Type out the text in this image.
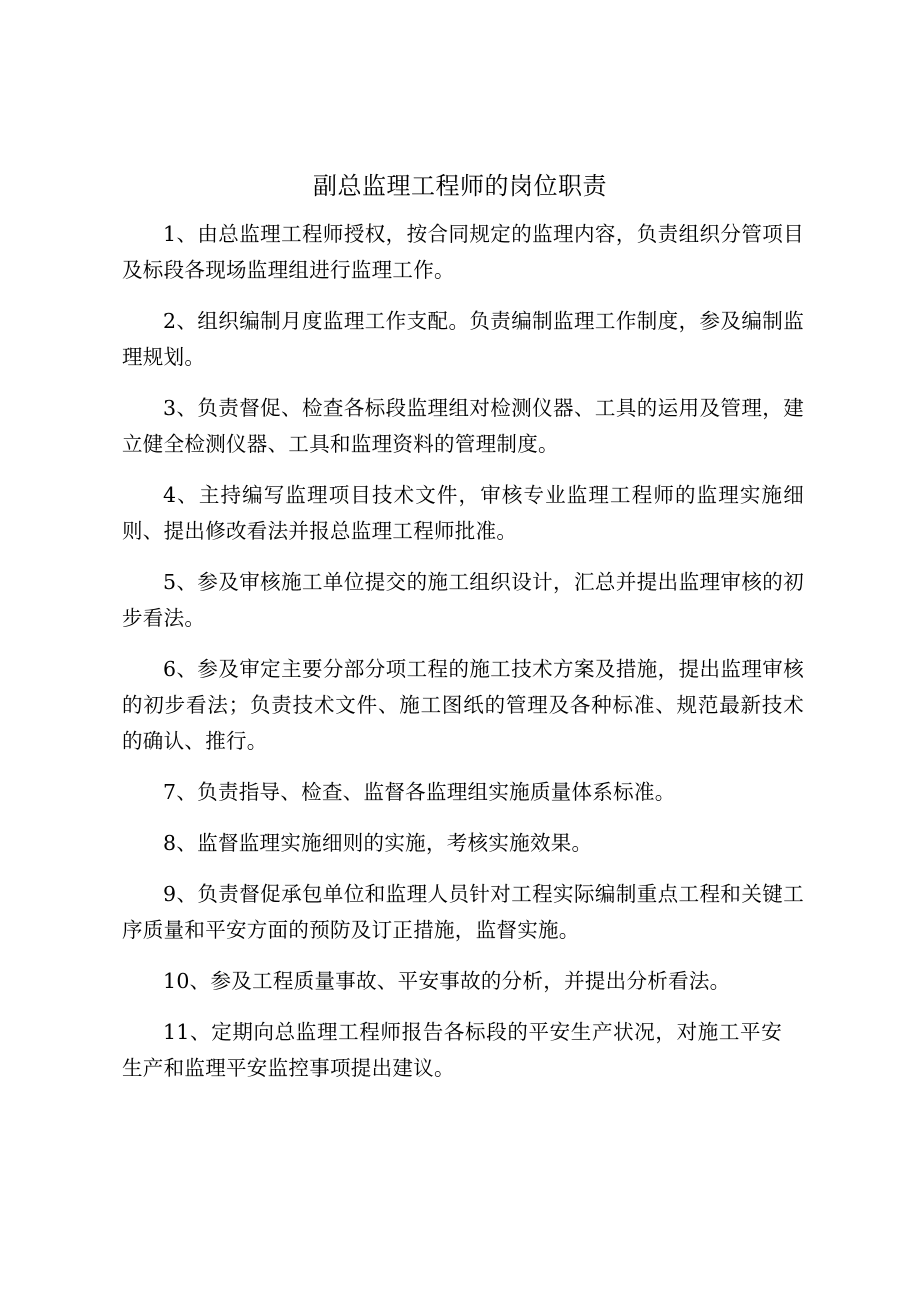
副总监理工程师的岗位职责

1、由总监理工程师授权，按合同规定的监理内容，负责组织分管项目及标段各现场监理组进行监理工作。

2、组织编制月度监理工作支配。负责编制监理工作制度，参及编制监理规划。

3、负责督促、检查各标段监理组对检测仪器、工具的运用及管理，建立健全检测仪器、工具和监理资料的管理制度。

4、主持编写监理项目技术文件，审核专业监理工程师的监理实施细则、提出修改看法并报总监理工程师批准。

5、参及审核施工单位提交的施工组织设计，汇总并提出监理审核的初步看法。

6、参及审定主要分部分项工程的施工技术方案及措施，提出监理审核的初步看法；负责技术文件、施工图纸的管理及各种标准、规范最新技术的确认、推行。

7、负责指导、检查、监督各监理组实施质量体系标准。

8、监督监理实施细则的实施，考核实施效果。

9、负责督促承包单位和监理人员针对工程实际编制重点工程和关键工序质量和平安方面的预防及订正措施，监督实施。

10、参及工程质量事故、平安事故的分析，并提出分析看法。

11、定期向总监理工程师报告各标段的平安生产状况，对施工平安生产和监理平安监控事项提出建议。
